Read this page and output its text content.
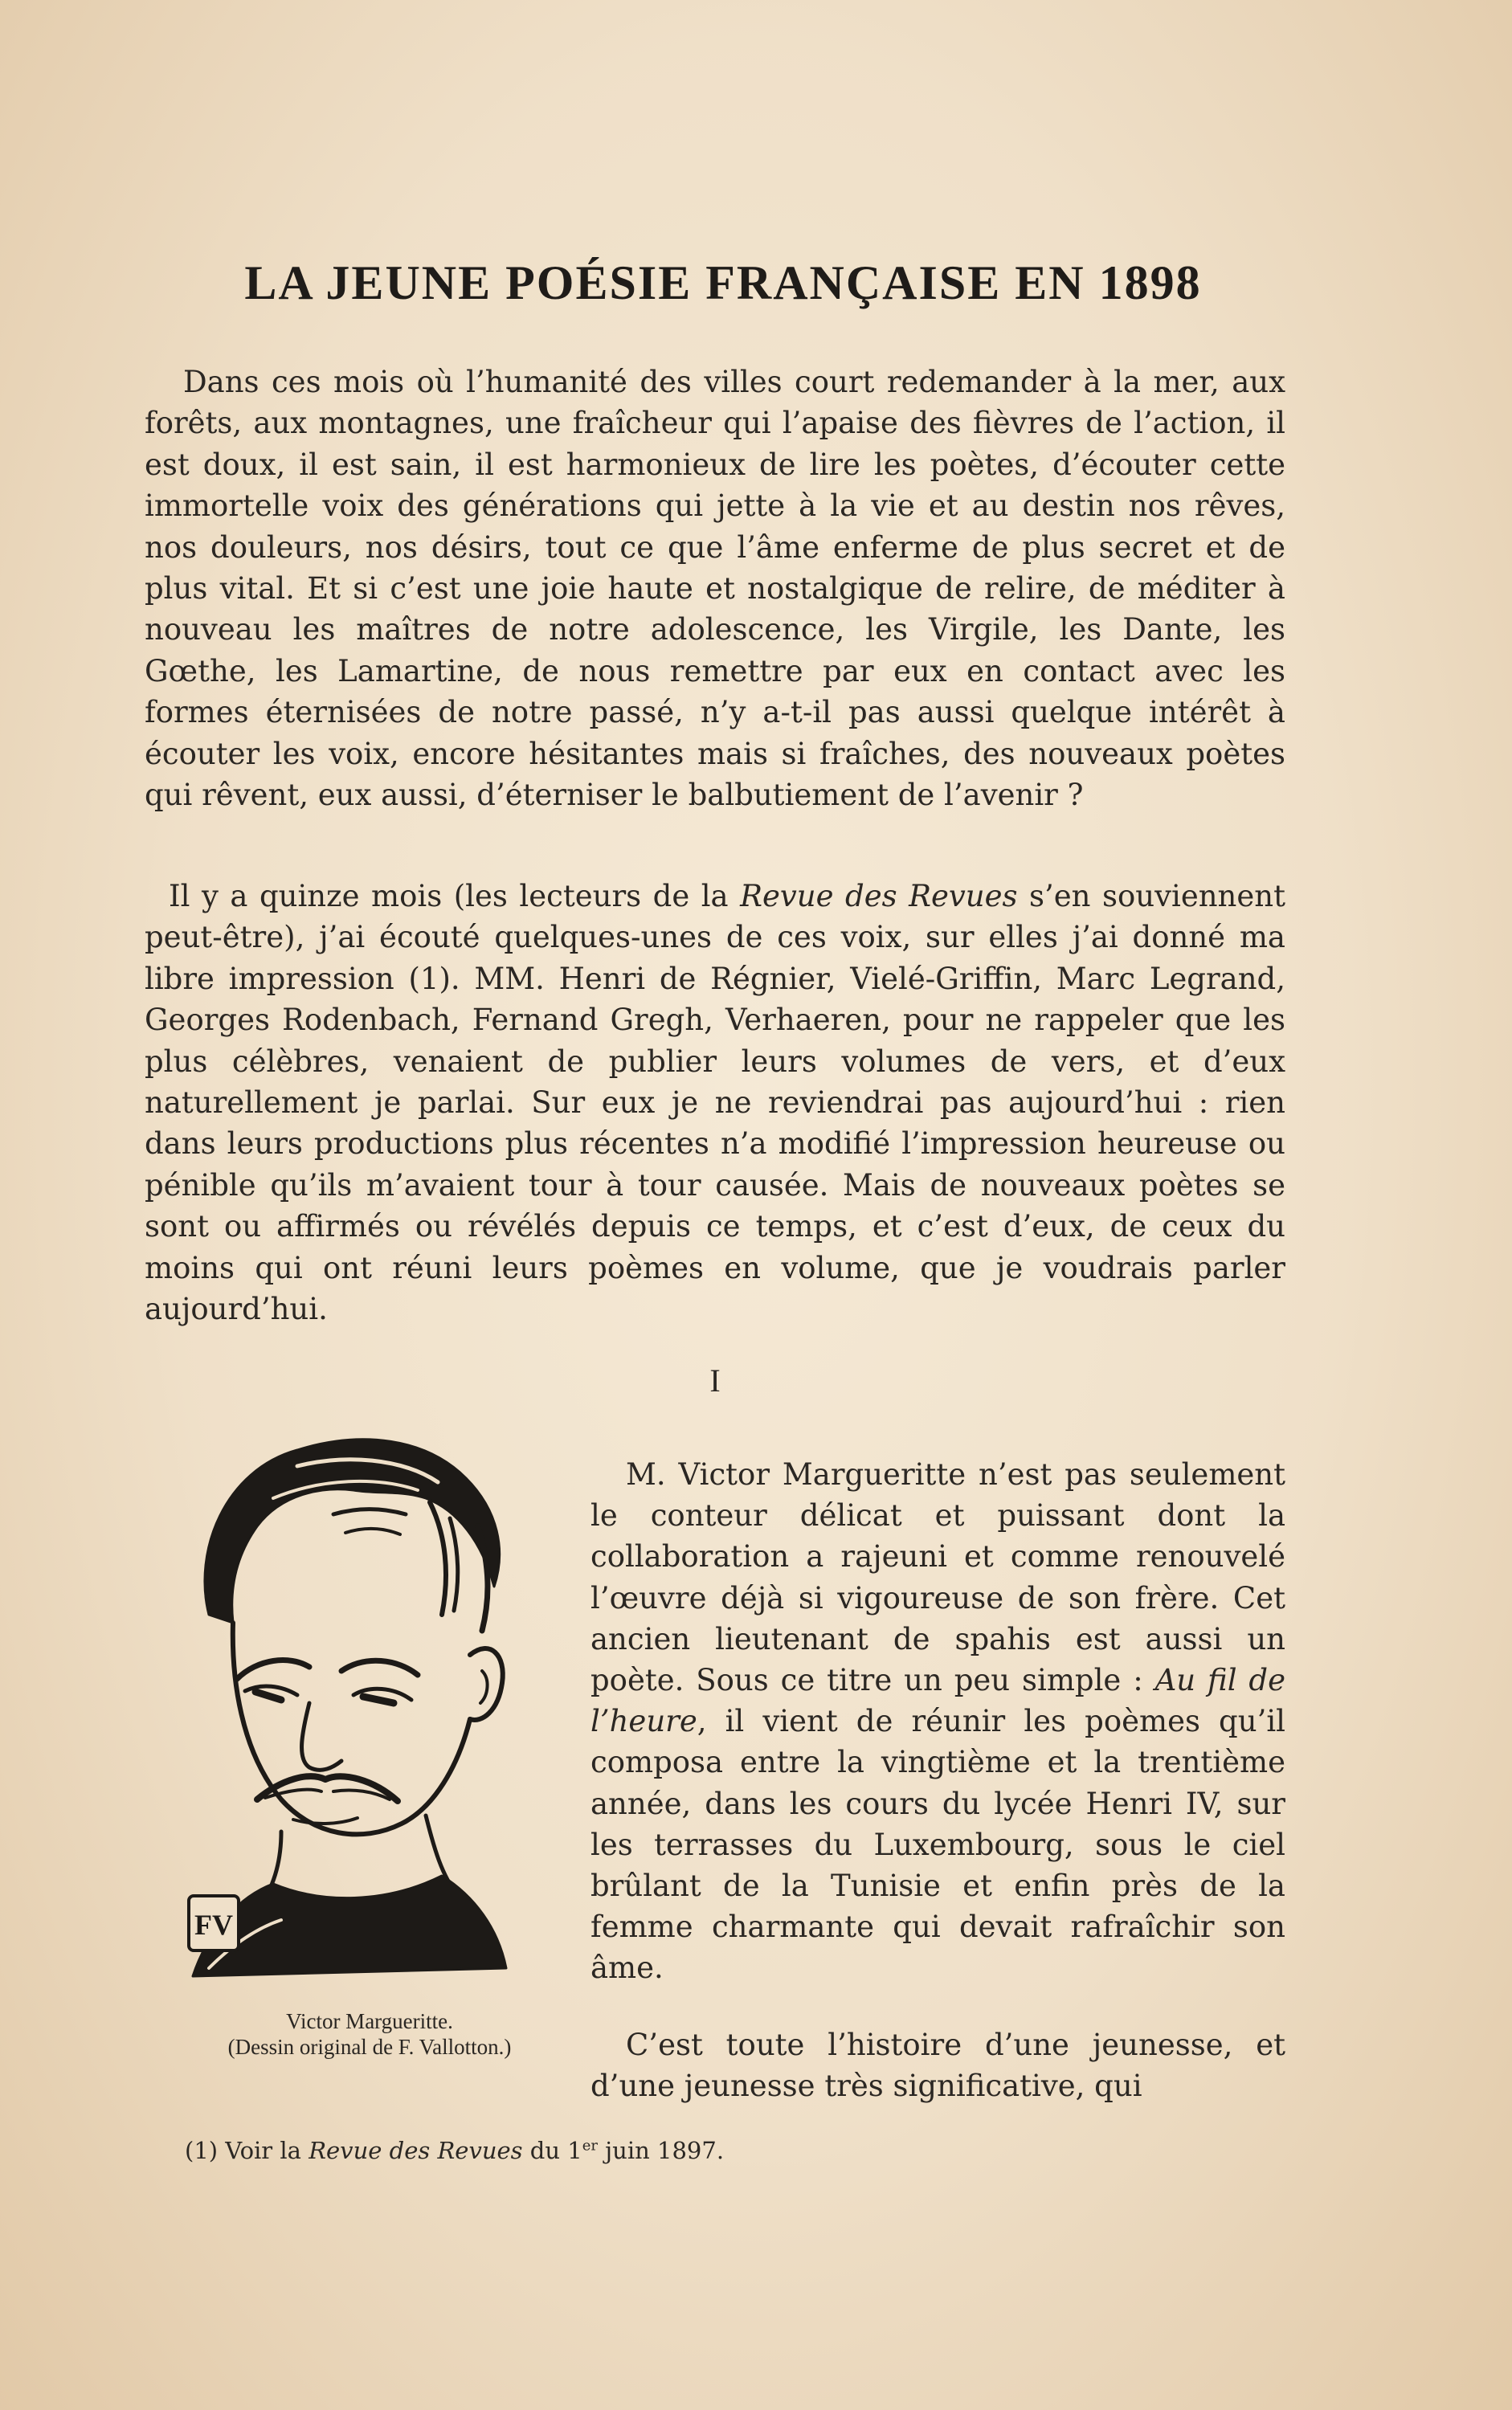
LA JEUNE POÉSIE FRANÇAISE EN 1898

Dans ces mois où l’humanité des villes court redemander à la mer, aux forêts, aux montagnes, une fraîcheur qui l’apaise des fièvres de l’action, il est doux, il est sain, il est harmonieux de lire les poètes, d’écouter cette immortelle voix des générations qui jette à la vie et au destin nos rêves, nos douleurs, nos désirs, tout ce que l’âme enferme de plus secret et de plus vital. Et si c’est une joie haute et nostalgique de relire, de méditer à nouveau les maîtres de notre adolescence, les Virgile, les Dante, les Gœthe, les Lamartine, de nous remettre par eux en contact avec les formes éternisées de notre passé, n’y a-t-il pas aussi quelque intérêt à écouter les voix, encore hésitantes mais si fraîches, des nouveaux poètes qui rêvent, eux aussi, d’éterniser le balbutiement de l’avenir ?

Il y a quinze mois (les lecteurs de la Revue des Revues s’en souviennent peut-être), j’ai écouté quelques-unes de ces voix, sur elles j’ai donné ma libre impression (1). MM. Henri de Régnier, Vielé-Griffin, Marc Legrand, Georges Rodenbach, Fernand Gregh, Verhaeren, pour ne rappeler que les plus célèbres, venaient de publier leurs volumes de vers, et d’eux naturellement je parlai. Sur eux je ne reviendrai pas aujourd’hui : rien dans leurs productions plus récentes n’a modifié l’impression heureuse ou pénible qu’ils m’avaient tour à tour causée. Mais de nouveaux poètes se sont ou affirmés ou révélés depuis ce temps, et c’est d’eux, de ceux du moins qui ont réuni leurs poèmes en volume, que je voudrais parler aujourd’hui.

I
FV

M. Victor Margueritte n’est pas seulement le conteur délicat et puissant dont la collaboration a rajeuni et comme renouvelé l’œuvre déjà si vigoureuse de son frère. Cet ancien lieutenant de spahis est aussi un poète. Sous ce titre un peu simple : Au fil de l’heure, il vient de réunir les poèmes qu’il composa entre la vingtième et la trentième année, dans les cours du lycée Henri IV, sur les terrasses du Luxembourg, sous le ciel brûlant de la Tunisie et enfin près de la femme charmante qui devait rafraîchir son âme.

C’est toute l’histoire d’une jeunesse, et d’une jeunesse très significative, qui

Victor Margueritte.
(Dessin original de F. Vallotton.)

(1) Voir la Revue des Revues du 1er juin 1897.
